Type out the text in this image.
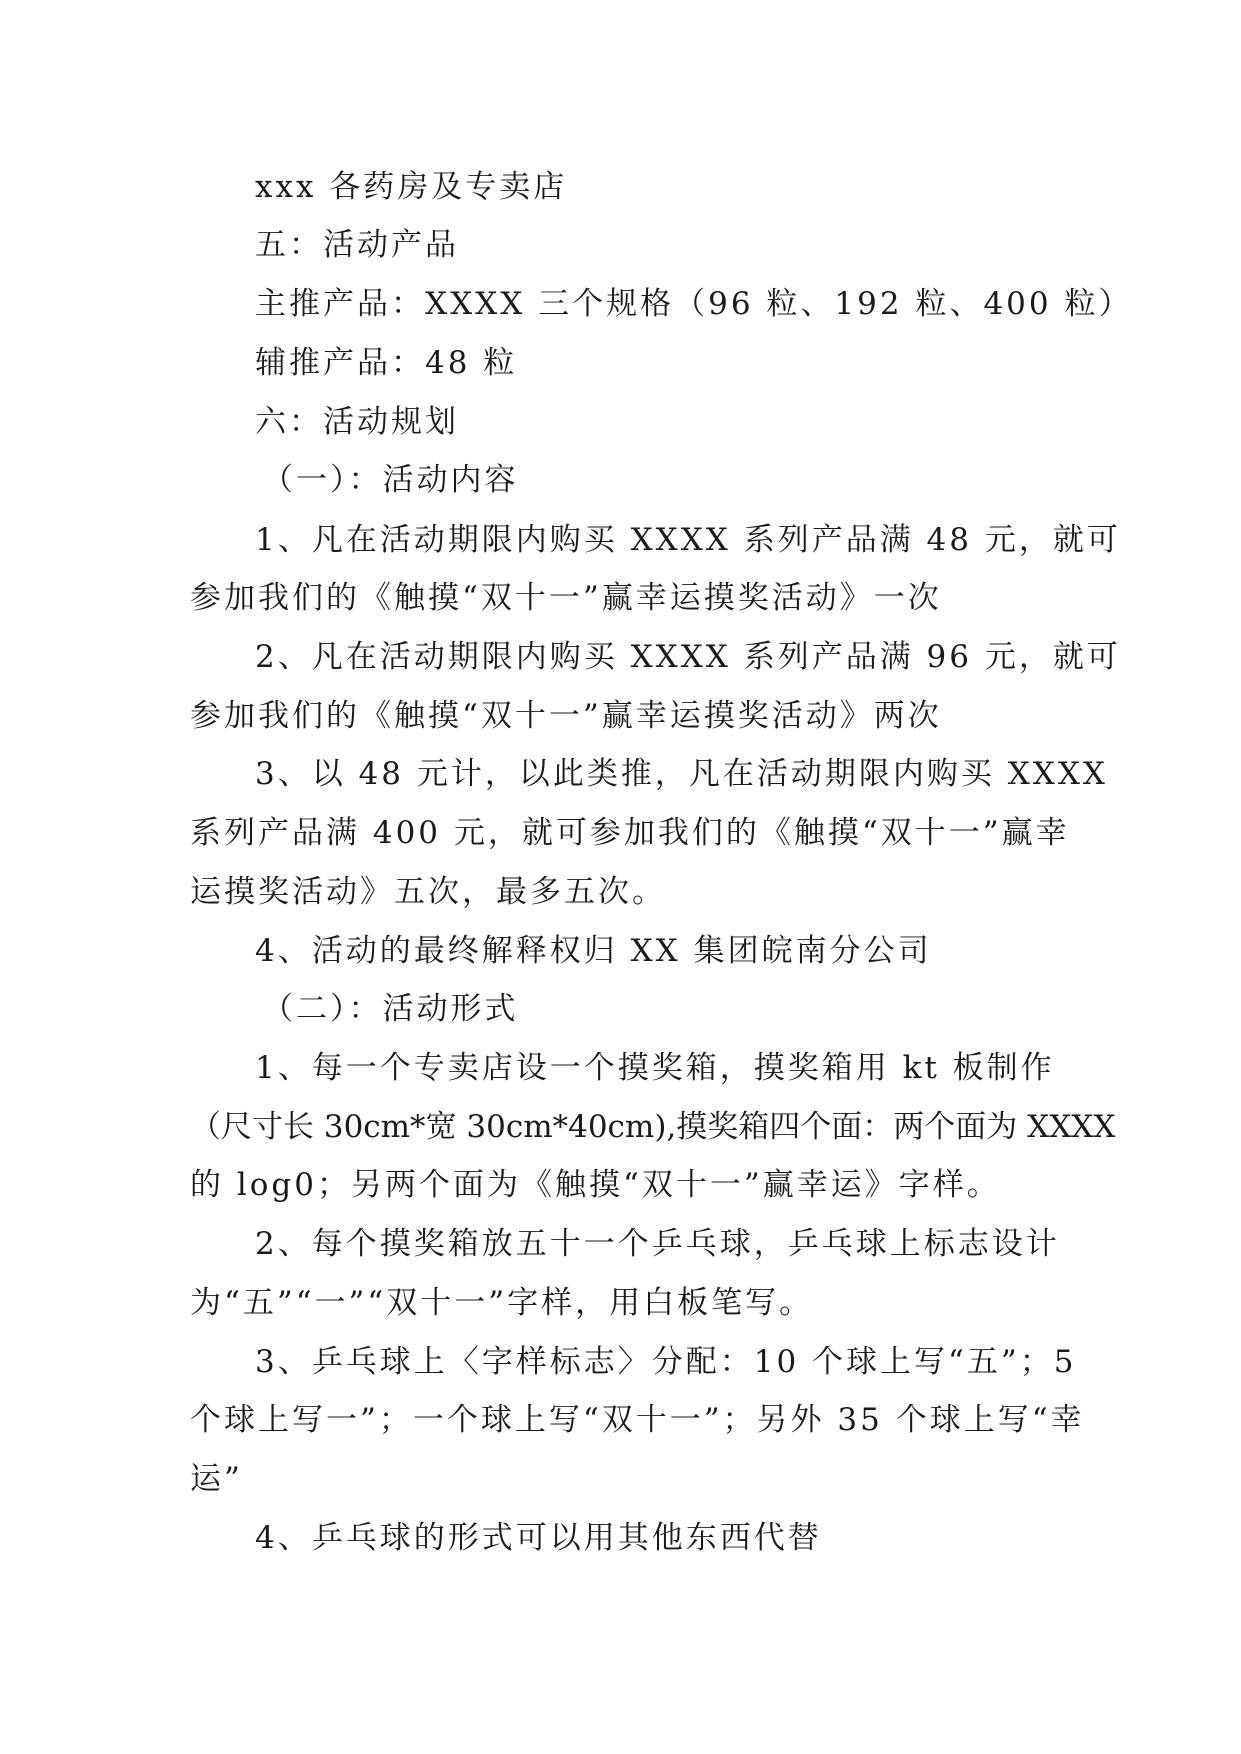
xxx 各药房及专卖店
五：活动产品
主推产品：XXXX 三个规格（96 粒、192 粒、400 粒）
辅推产品：48 粒
六：活动规划
（一）：活动内容
1、凡在活动期限内购买 XXXX 系列产品满 48 元，就可
参加我们的《触摸“双十一”赢幸运摸奖活动》一次
2、凡在活动期限内购买 XXXX 系列产品满 96 元，就可
参加我们的《触摸“双十一”赢幸运摸奖活动》两次
3、以 48 元计，以此类推，凡在活动期限内购买 XXXX
系列产品满 400 元，就可参加我们的《触摸“双十一”赢幸
运摸奖活动》五次，最多五次。
4、活动的最终解释权归 XX 集团皖南分公司
（二）：活动形式
1、每一个专卖店设一个摸奖箱，摸奖箱用 kt 板制作
（尺寸长 30cm*宽 30cm*40cm),摸奖箱四个面：两个面为 XXXX
的 log0；另两个面为《触摸“双十一”赢幸运》字样。
2、每个摸奖箱放五十一个乒乓球，乒乓球上标志设计
为“五”“一”“双十一”字样，用白板笔写。
3、乒乓球上〈字样标志〉分配：10 个球上写“五”；5
个球上写一”；一个球上写“双十一”；另外 35 个球上写“幸
运”
4、乒乓球的形式可以用其他东西代替
